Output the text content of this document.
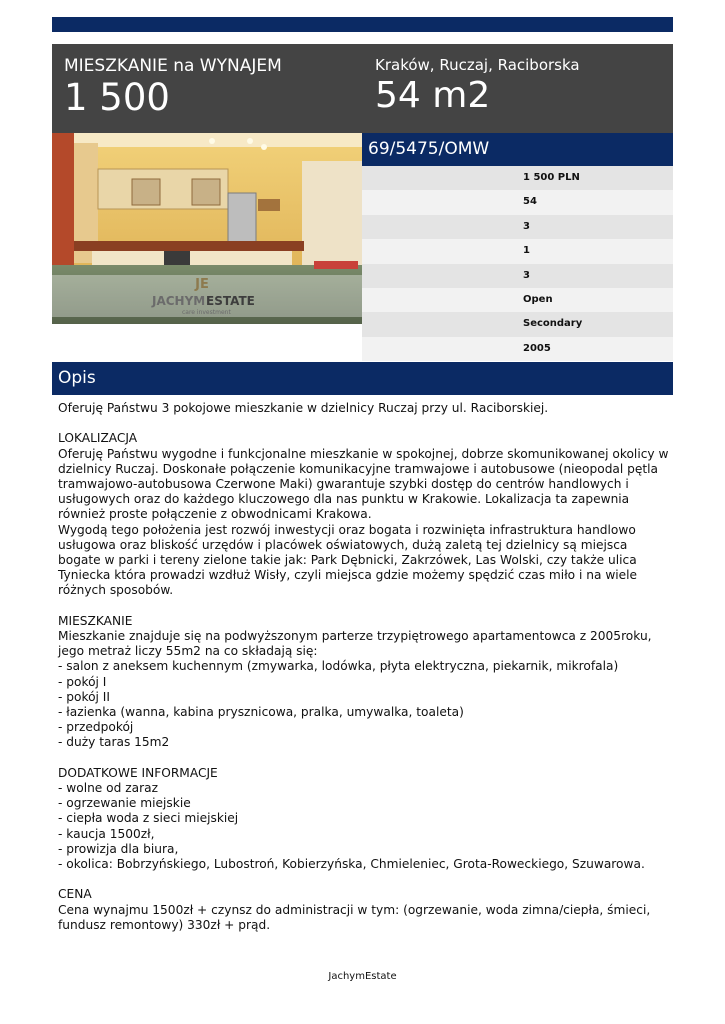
MIESZKANIE na WYNAJEM
1 500
Kraków, Ruczaj, Raciborska
54 m2
JE
JACHYM ESTATE
care investment
69/5475/OMW
1 500 PLN
54
3
1
3
Open
Secondary
2005
Opis

Oferuję Państwu 3 pokojowe mieszkanie w dzielnicy Ruczaj przy ul. Raciborskiej.

LOKALIZACJA

Oferuję Państwu wygodne i funkcjonalne mieszkanie w spokojnej, dobrze skomunikowanej okolicy w dzielnicy Ruczaj. Doskonałe połączenie komunikacyjne tramwajowe i autobusowe (nieopodal pętla tramwajowo-autobusowa Czerwone Maki) gwarantuje szybki dostęp do centrów handlowych i usługowych oraz do każdego kluczowego dla nas punktu w Krakowie. Lokalizacja ta zapewnia również proste połączenie z obwodnicami Krakowa.

Wygodą tego położenia jest rozwój inwestycji oraz bogata i rozwinięta infrastruktura handlowo usługowa oraz bliskość urzędów i placówek oświatowych, dużą zaletą tej dzielnicy są miejsca bogate w parki i tereny zielone takie jak: Park Dębnicki, Zakrzówek, Las Wolski, czy także ulica Tyniecka która prowadzi wzdłuż Wisły, czyli miejsca gdzie możemy spędzić czas miło i na wiele różnych sposobów.

MIESZKANIE

Mieszkanie znajduje się na podwyższonym parterze trzypiętrowego apartamentowca z 2005roku, jego metraż liczy 55m2 na co składają się:

- salon z aneksem kuchennym (zmywarka, lodówka, płyta elektryczna, piekarnik, mikrofala)

- pokój I

- pokój II

- łazienka (wanna, kabina prysznicowa, pralka, umywalka, toaleta)

- przedpokój

- duży taras 15m2

DODATKOWE INFORMACJE

- wolne od zaraz

- ogrzewanie miejskie

- ciepła woda z sieci miejskiej

- kaucja 1500zł,

- prowizja dla biura,

- okolica: Bobrzyńskiego, Lubostroń, Kobierzyńska, Chmieleniec, Grota-Roweckiego, Szuwarowa.

CENA

Cena wynajmu 1500zł + czynsz do administracji w tym: (ogrzewanie, woda zimna/ciepła, śmieci, fundusz remontowy) 330zł + prąd.

JachymEstate
